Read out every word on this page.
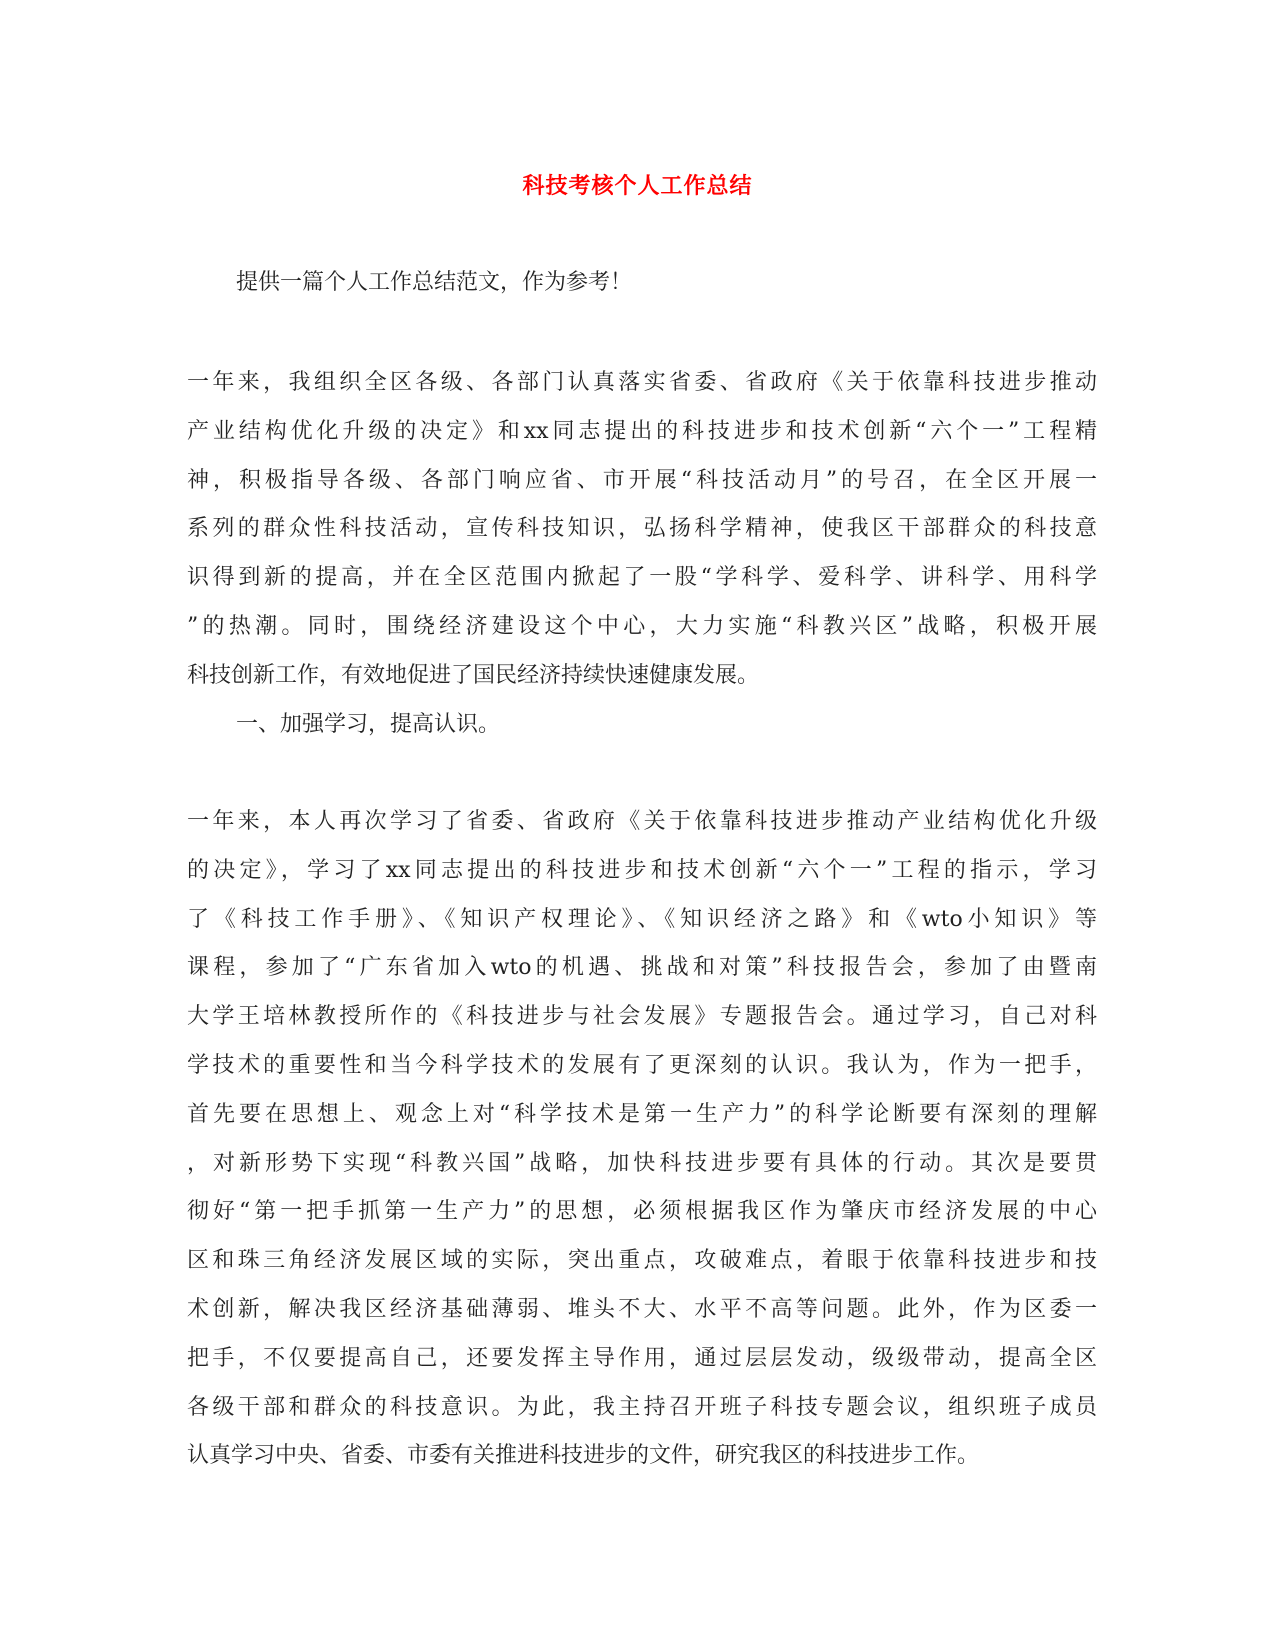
科技考核个人工作总结
提供一篇个人工作总结范文，作为参考！
一年来，我组织全区各级、各部门认真落实省委、省政府《关于依靠科技进步推动
产业结构优化升级的决定》和xx同志提出的科技进步和技术创新“六个一”工程精
神，积极指导各级、各部门响应省、市开展“科技活动月”的号召，在全区开展一
系列的群众性科技活动，宣传科技知识，弘扬科学精神，使我区干部群众的科技意
识得到新的提高，并在全区范围内掀起了一股“学科学、爱科学、讲科学、用科学
”的热潮。同时，围绕经济建设这个中心，大力实施“科教兴区”战略，积极开展
科技创新工作，有效地促进了国民经济持续快速健康发展。
一、加强学习，提高认识。
一年来，本人再次学习了省委、省政府《关于依靠科技进步推动产业结构优化升级
的决定》，学习了xx同志提出的科技进步和技术创新“六个一”工程的指示，学习
了《科技工作手册》、《知识产权理论》、《知识经济之路》和《wto小知识》等
课程，参加了“广东省加入wto的机遇、挑战和对策”科技报告会，参加了由暨南
大学王培林教授所作的《科技进步与社会发展》专题报告会。通过学习，自己对科
学技术的重要性和当今科学技术的发展有了更深刻的认识。我认为，作为一把手，
首先要在思想上、观念上对“科学技术是第一生产力”的科学论断要有深刻的理解
，对新形势下实现“科教兴国”战略，加快科技进步要有具体的行动。其次是要贯
彻好“第一把手抓第一生产力”的思想，必须根据我区作为肇庆市经济发展的中心
区和珠三角经济发展区域的实际，突出重点，攻破难点，着眼于依靠科技进步和技
术创新，解决我区经济基础薄弱、堆头不大、水平不高等问题。此外，作为区委一
把手，不仅要提高自己，还要发挥主导作用，通过层层发动，级级带动，提高全区
各级干部和群众的科技意识。为此，我主持召开班子科技专题会议，组织班子成员
认真学习中央、省委、市委有关推进科技进步的文件，研究我区的科技进步工作。
